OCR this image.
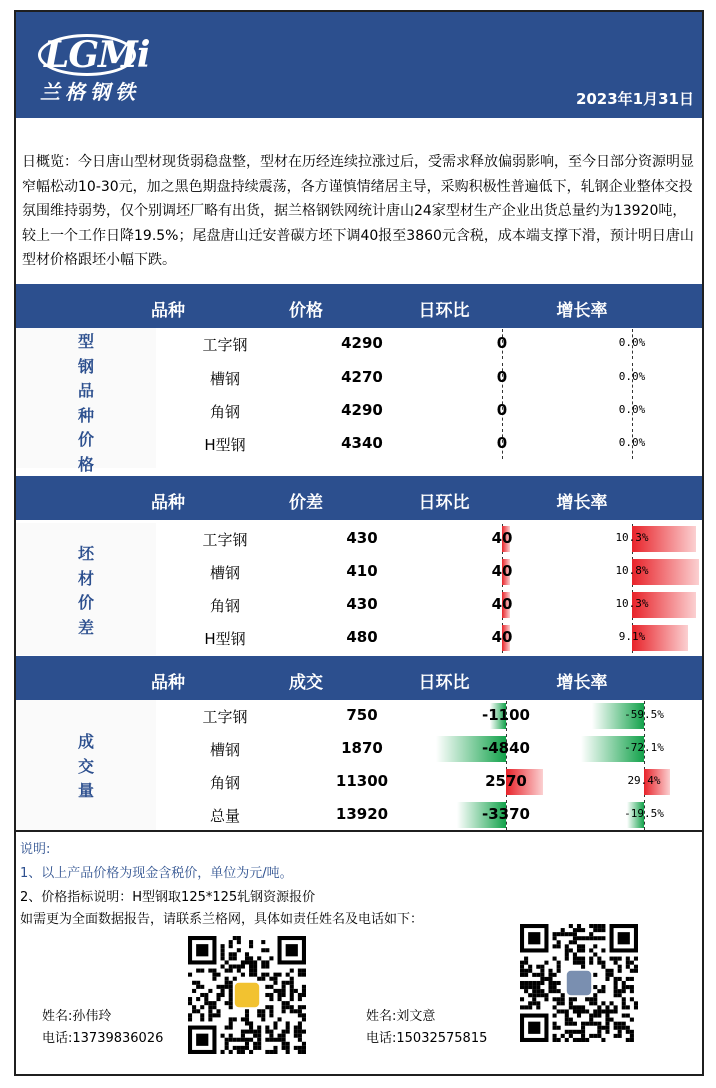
LGMi
兰格钢铁	2023年1月31日
日概览：今日唐山型材现货弱稳盘整，型材在历经连续拉涨过后，受需求释放偏弱影响，至今日部分资源明显窄幅松动10-30元，加之黑色期盘持续震荡，各方谨慎情绪居主导，采购积极性普遍低下，轧钢企业整体交投氛围维持弱势，仅个别调坯厂略有出货，据兰格钢铁网统计唐山24家型材生产企业出货总量约为13920吨，较上一个工作日降19.5%；尾盘唐山迁安普碳方坯下调40报至3860元含税，成本端支撑下滑，预计明日唐山型材价格跟坯小幅下跌。
品种	价格	日环比	增长率
型
钢
品
种
价
格
工字钢	4290	0	0.0%
槽钢	4270	0	0.0%
角钢	4290	0	0.0%
H型钢	4340	0	0.0%
品种	价差	日环比	增长率
坯
材
价
差
工字钢	430	40	10.3%
槽钢	410	40	10.8%
角钢	430	40	10.3%
H型钢	480	40	9.1%
品种	成交	日环比	增长率
成
交
量
工字钢	750	-1100	-59.5%
槽钢	1870	-4840	-72.1%
角钢	11300	2570	29.4%
总量	13920	-3370	-19.5%
说明:
1、以上产品价格为现金含税价，单位为元/吨。
2、价格指标说明：H型钢取125*125轧钢资源报价
如需更为全面数据报告，请联系兰格网，具体如责任姓名及电话如下：
姓名:孙伟玲
电话:13739836026
姓名:刘文意
电话:15032575815
